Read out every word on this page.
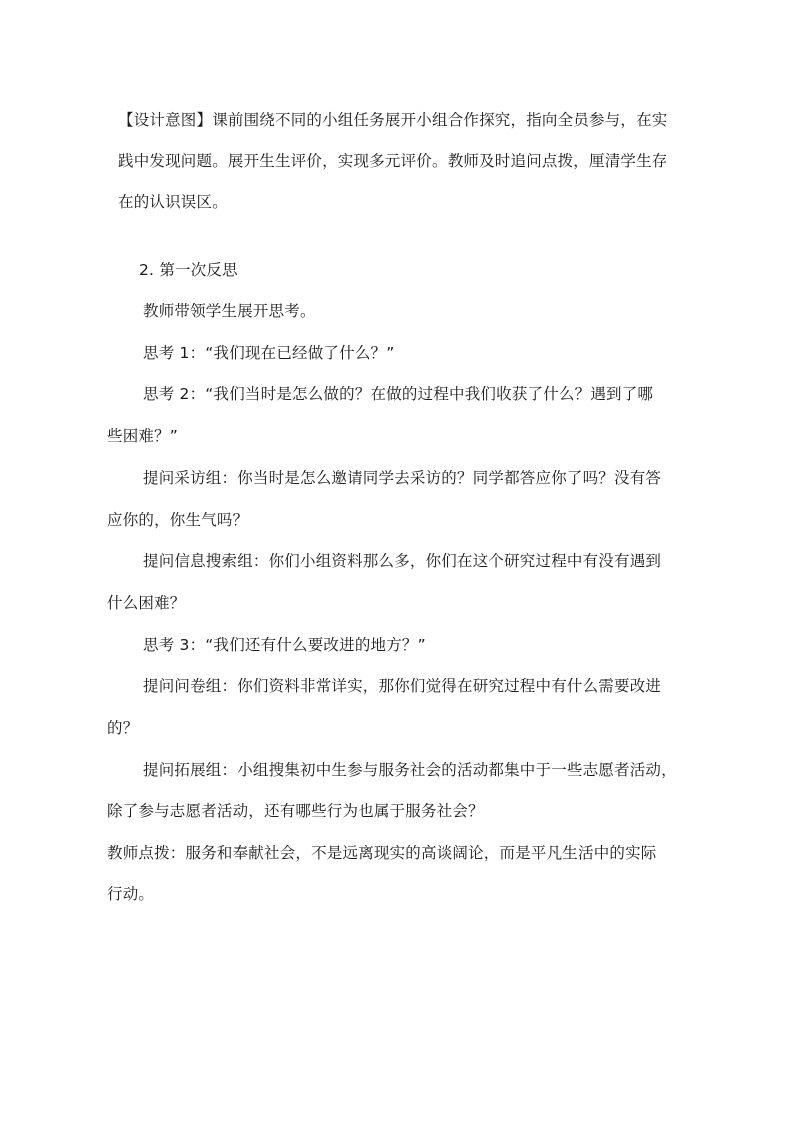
【设计意图】课前围绕不同的小组任务展开小组合作探究，指向全员参与，在实
践中发现问题。展开生生评价，实现多元评价。教师及时追问点拨，厘清学生存
在的认识误区。
2. 第一次反思
教师带领学生展开思考。
思考 1：“我们现在已经做了什么？”
思考 2：“我们当时是怎么做的？在做的过程中我们收获了什么？遇到了哪
些困难？”
提问采访组：你当时是怎么邀请同学去采访的？同学都答应你了吗？没有答
应你的，你生气吗？
提问信息搜索组：你们小组资料那么多，你们在这个研究过程中有没有遇到
什么困难？
思考 3：“我们还有什么要改进的地方？”
提问问卷组：你们资料非常详实，那你们觉得在研究过程中有什么需要改进
的？
提问拓展组：小组搜集初中生参与服务社会的活动都集中于一些志愿者活动，
除了参与志愿者活动，还有哪些行为也属于服务社会？
教师点拨：服务和奉献社会，不是远离现实的高谈阔论，而是平凡生活中的实际
行动。
